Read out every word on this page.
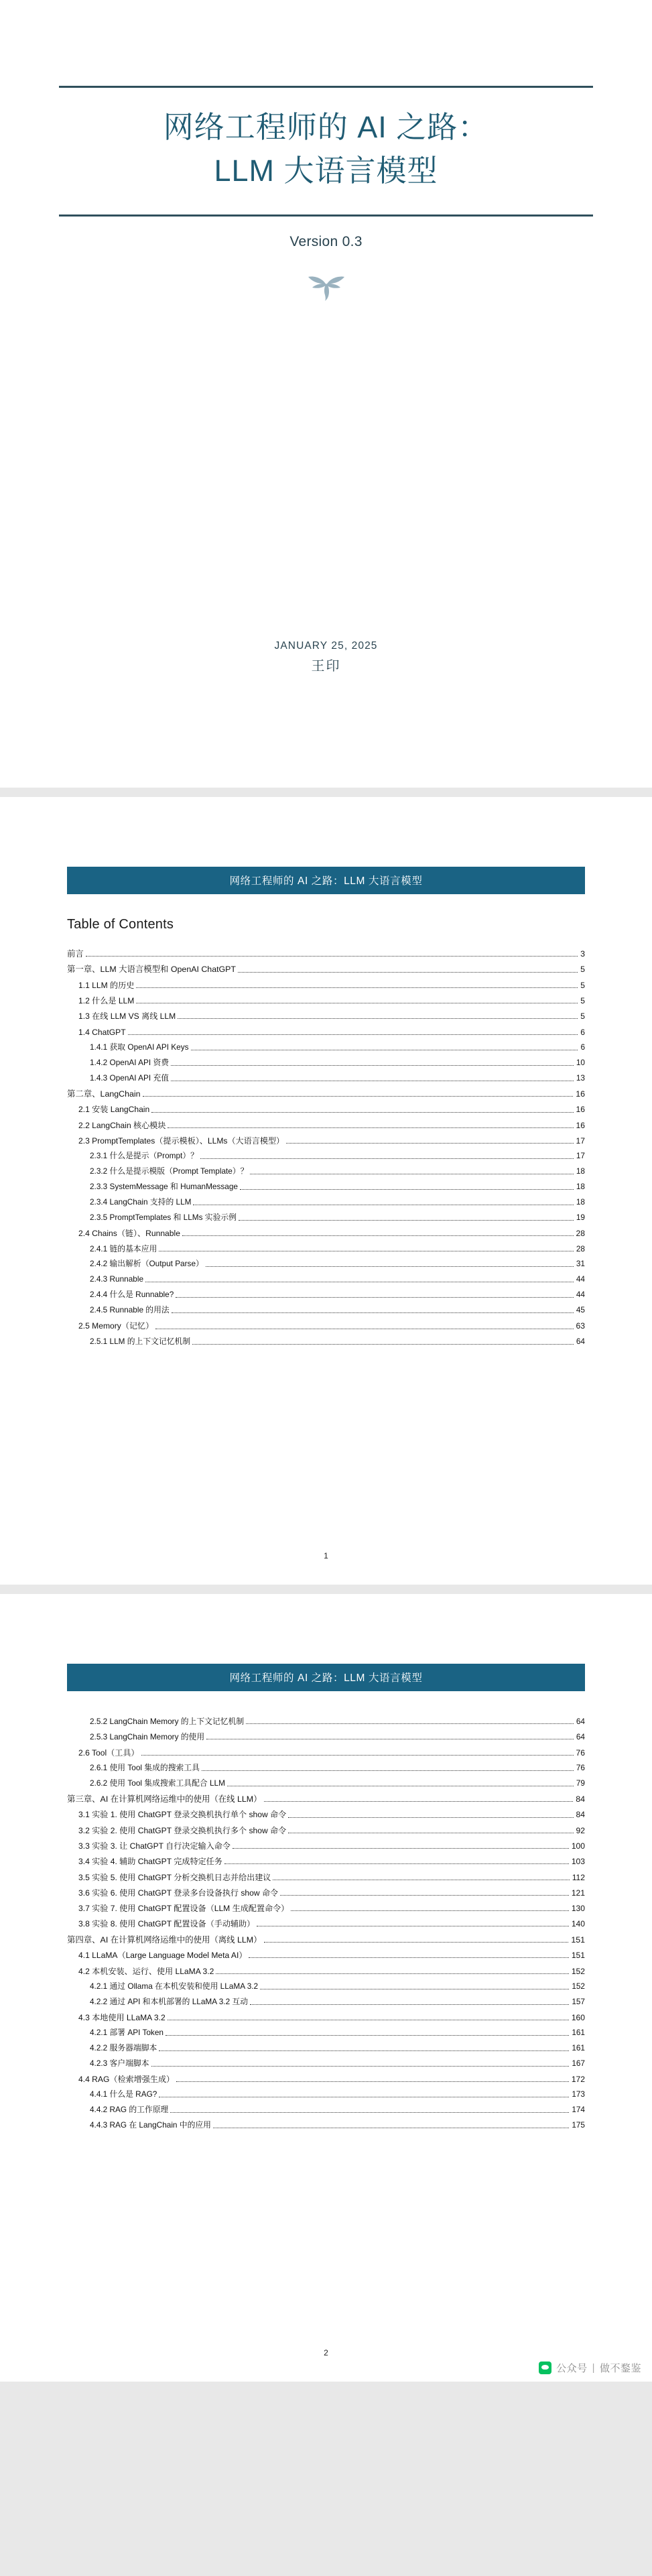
网络工程师的 AI 之路：
LLM 大语言模型
Version 0.3
JANUARY 25, 2025
王印
网络工程师的 AI 之路：LLM 大语言模型
Table of Contents
前言	3
第一章、LLM 大语言模型和 OpenAI ChatGPT	5
1.1 LLM 的历史	5
1.2 什么是 LLM	5
1.3 在线 LLM VS 离线 LLM	5
1.4 ChatGPT	6
1.4.1 获取 OpenAI API Keys	6
1.4.2 OpenAI API 资费	10
1.4.3 OpenAI API 充值	13
第二章、LangChain	16
2.1 安装 LangChain	16
2.2 LangChain 核心模块	16
2.3 PromptTemplates（提示模板）、LLMs（大语言模型）	17
2.3.1 什么是提示（Prompt）？	17
2.3.2 什么是提示模版（Prompt Template）？	18
2.3.3 SystemMessage 和 HumanMessage	18
2.3.4 LangChain 支持的 LLM	18
2.3.5 PromptTemplates 和 LLMs 实验示例	19
2.4 Chains（链）、Runnable	28
2.4.1 链的基本应用	28
2.4.2 输出解析（Output Parse）	31
2.4.3 Runnable	44
2.4.4 什么是 Runnable?	44
2.4.5 Runnable 的用法	45
2.5 Memory（记忆）	63
2.5.1 LLM 的上下文记忆机制	64
1
网络工程师的 AI 之路：LLM 大语言模型
2.5.2 LangChain Memory 的上下文记忆机制	64
2.5.3 LangChain Memory 的使用	64
2.6 Tool（工具）	76
2.6.1 使用 Tool 集成的搜索工具	76
2.6.2 使用 Tool 集成搜索工具配合 LLM	79
第三章、AI 在计算机网络运维中的使用（在线 LLM）	84
3.1 实验 1. 使用 ChatGPT 登录交换机执行单个 show 命令	84
3.2 实验 2. 使用 ChatGPT 登录交换机执行多个 show 命令	92
3.3 实验 3. 让 ChatGPT 自行决定输入命令	100
3.4 实验 4. 辅助 ChatGPT 完成特定任务	103
3.5 实验 5. 使用 ChatGPT 分析交换机日志并给出建议	112
3.6 实验 6. 使用 ChatGPT 登录多台设备执行 show 命令	121
3.7 实验 7. 使用 ChatGPT 配置设备（LLM 生成配置命令）	130
3.8 实验 8. 使用 ChatGPT 配置设备（手动辅助）	140
第四章、AI 在计算机网络运维中的使用（离线 LLM）	151
4.1 LLaMA（Large Language Model Meta AI）	151
4.2 本机安装、运行、使用 LLaMA 3.2	152
4.2.1 通过 Ollama 在本机安装和使用 LLaMA 3.2	152
4.2.2 通过 API 和本机部署的 LLaMA 3.2 互动	157
4.3 本地使用 LLaMA 3.2	160
4.2.1 部署 API Token	161
4.2.2 服务器端脚本	161
4.2.3 客户端脚本	167
4.4 RAG（检索增强生成）	172
4.4.1 什么是 RAG?	173
4.4.2 RAG 的工作原理	174
4.4.3 RAG 在 LangChain 中的应用	175
2
公众号 | 做不鍪鉴
